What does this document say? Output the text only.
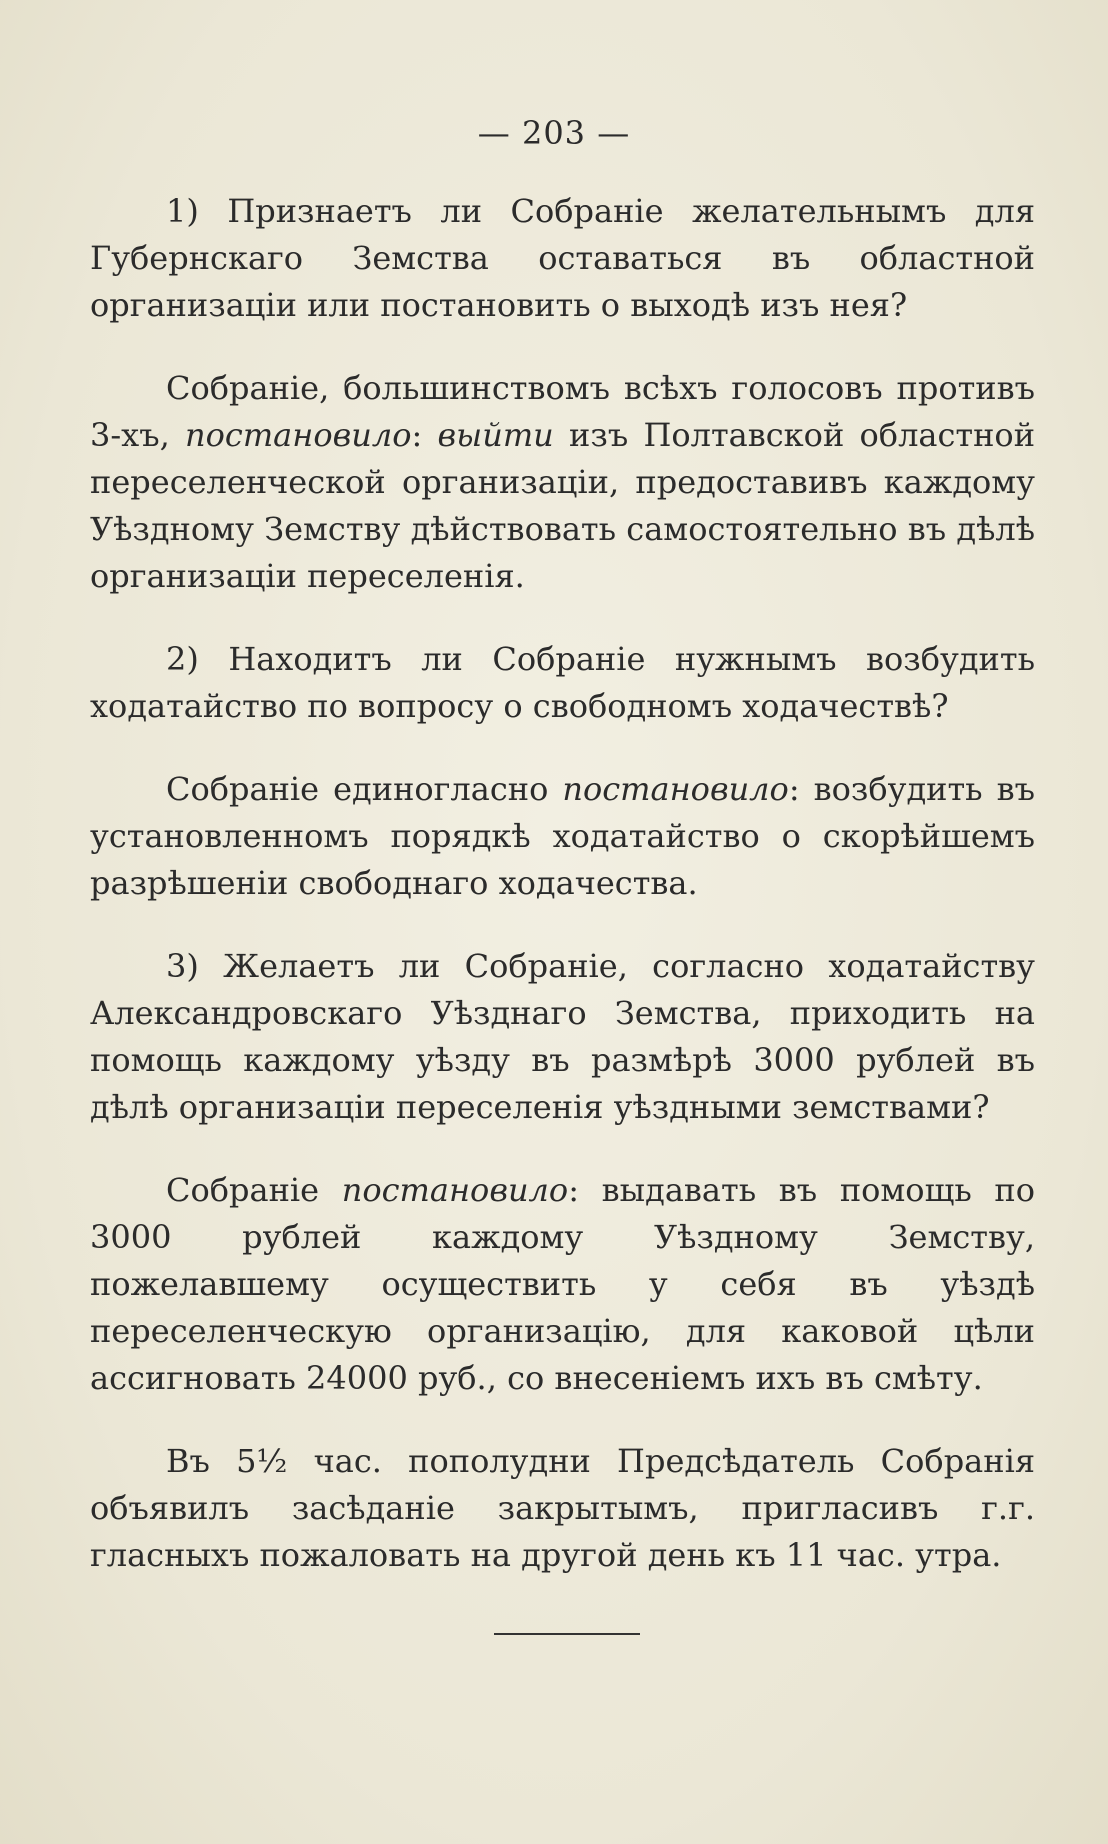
— 203 —

1) Признаетъ ли Собраніе желательнымъ для Губернскаго Земства оставаться въ областной организаціи или постановить о выходѣ изъ нея?

Собраніе, большинствомъ всѣхъ голосовъ противъ 3-хъ, постановило: выйти изъ Полтавской областной переселенческой организаціи, предоставивъ каждому Уѣздному Земству дѣйствовать самостоятельно въ дѣлѣ организаціи переселенія.

2) Находитъ ли Собраніе нужнымъ возбудить ходатайство по вопросу о свободномъ ходачествѣ?

Собраніе единогласно постановило: возбудить въ установленномъ порядкѣ ходатайство о скорѣйшемъ разрѣшеніи свободнаго ходачества.

3) Желаетъ ли Собраніе, согласно ходатайству Александровскаго Уѣзднаго Земства, приходить на помощь каждому уѣзду въ размѣрѣ 3000 рублей въ дѣлѣ организаціи переселенія уѣздными земствами?

Собраніе постановило: выдавать въ помощь по 3000 рублей каждому Уѣздному Земству, пожелавшему осуществить у себя въ уѣздѣ переселенческую организацію, для каковой цѣли ассигновать 24000 руб., со внесеніемъ ихъ въ смѣту.

Въ 5½ час. пополудни Предсѣдатель Собранія объявилъ засѣданіе закрытымъ, пригласивъ г.г. гласныхъ пожаловать на другой день къ 11 час. утра.
